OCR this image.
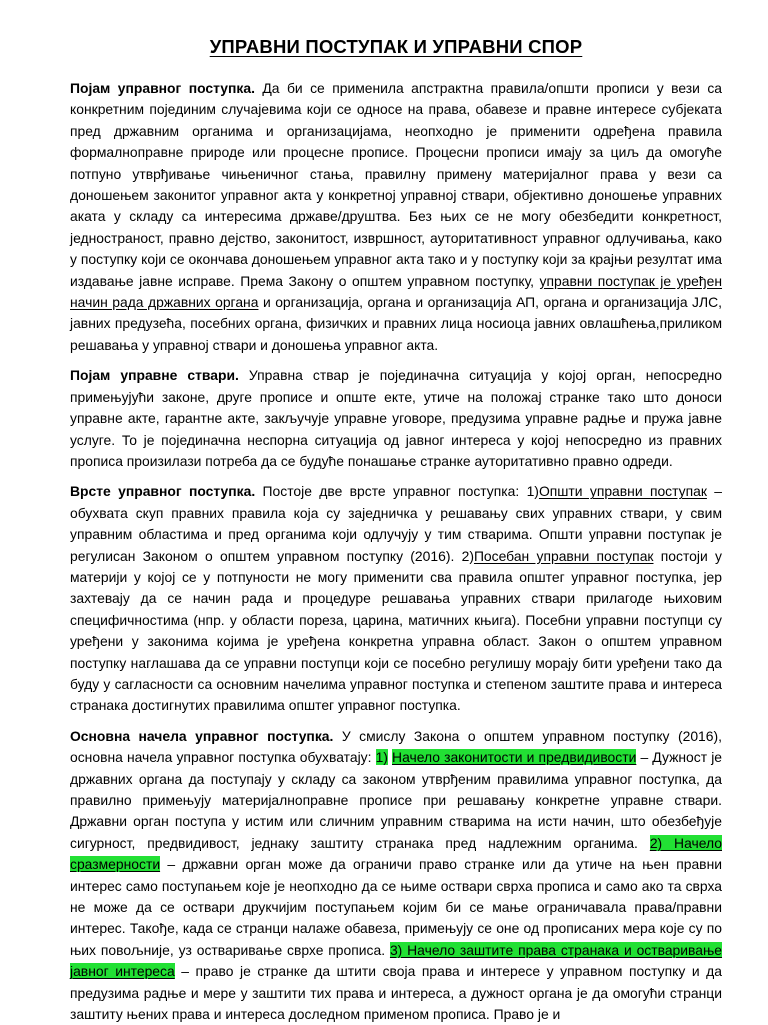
УПРАВНИ ПОСТУПАК И УПРАВНИ СПОР

Појам управног поступка. Да би се применила апстрактна правила/општи прописи у вези са конкретним појединим случајевима који се односе на права, обавезе и правне интересе субјеката пред државним органима и организацијама, неопходно је применити одређена правила формалноправне природе или процесне прописе. Процесни прописи имају за циљ да омогуће потпуно утврђивање чињеничног стања, правилну примену материјалног права у вези са доношењем законитог управног акта у конкретној управној ствари, објективно доношење управних аката у складу са интересима државе/друштва. Без њих се не могу обезбедити конкретност, једностраност, правно дејство, законитост, извршност, ауторитативност управног одлучивања, како у поступку који се окончава доношењем управног акта тако и у поступку који за крајњи резултат има издавање јавне исправе. Према Закону о општем управном поступку, управни поступак је уређен начин рада државних органа и организација, органа и организација АП, органа и организација ЈЛС, јавних предузећа, посебних органа, физичких и правних лица носиоца јавних овлашћења,приликом решавања у управној ствари и доношења управног акта.

Појам управне ствари. Управна ствар је појединачна ситуација у којој орган, непосредно примењујући законе, друге прописе и опште екте, утиче на положај странке тако што доноси управне акте, гарантне акте, закључује управне уговоре, предузима управне радње и пружа јавне услуге. То је појединачна неспорна ситуација од јавног интереса у којој непосредно из правних прописа произилази потреба да се будуће понашање странке ауторитативно правно одреди.

Врсте управног поступка. Постоје две врсте управног поступка: 1)Општи управни поступак – обухвата скуп правних правила која су заједничка у решавању свих управних ствари, у свим управним областима и пред органима који одлучују у тим стварима. Општи управни поступак је регулисан Законом о општем управном поступку (2016). 2)Посебан управни поступак постоји у материји у којој се у потпуности не могу применити сва правила општег управног поступка, јер захтевају да се начин рада и процедуре решавања управних ствари прилагоде њиховим специфичностима (нпр. у области пореза, царина, матичних књига). Посебни управни поступци су уређени у законима којима је уређена конкретна управна област. Закон о општем управном поступку наглашава да се управни поступци који се посебно регулишу морају бити уређени тако да буду у сагласности са основним начелима управног поступка и степеном заштите права и интереса странака достигнутих правилима општег управног поступка.

Основна начела управног поступка. У смислу Закона о општем управном поступку (2016), основна начела управног поступка обухватају: 1) Начело законитости и предвидивости – Дужност је државних органа да поступају у складу са законом утврђеним правилима управног поступка, да правилно примењују материјалноправне прописе при решавању конкретне управне ствари. Државни орган поступа у истим или сличним управним стварима на исти начин, што обезбеђује сигурност, предвидивост, једнаку заштиту странака пред надлежним органима. 2) Начело сразмерности – државни орган може да ограничи право странке или да утиче на њен правни интерес само поступањем које је неопходно да се њиме оствари сврха прописа и само ако та сврха не може да се оствари друкчијим поступањем којим би се мање ограничавала права/правни интерес. Такође, када се странци налаже обавеза, примењују се оне од прописаних мера које су по њих повољније, уз остваривање сврхе прописа. 3) Начело заштите права странака и остваривање јавног интереса – право је странке да штити своја права и интересе у управном поступку и да предузима радње и мере у заштити тих права и интереса, а дужност органа је да омогући странци заштиту њених права и интереса доследном применом прописа. Право је и
